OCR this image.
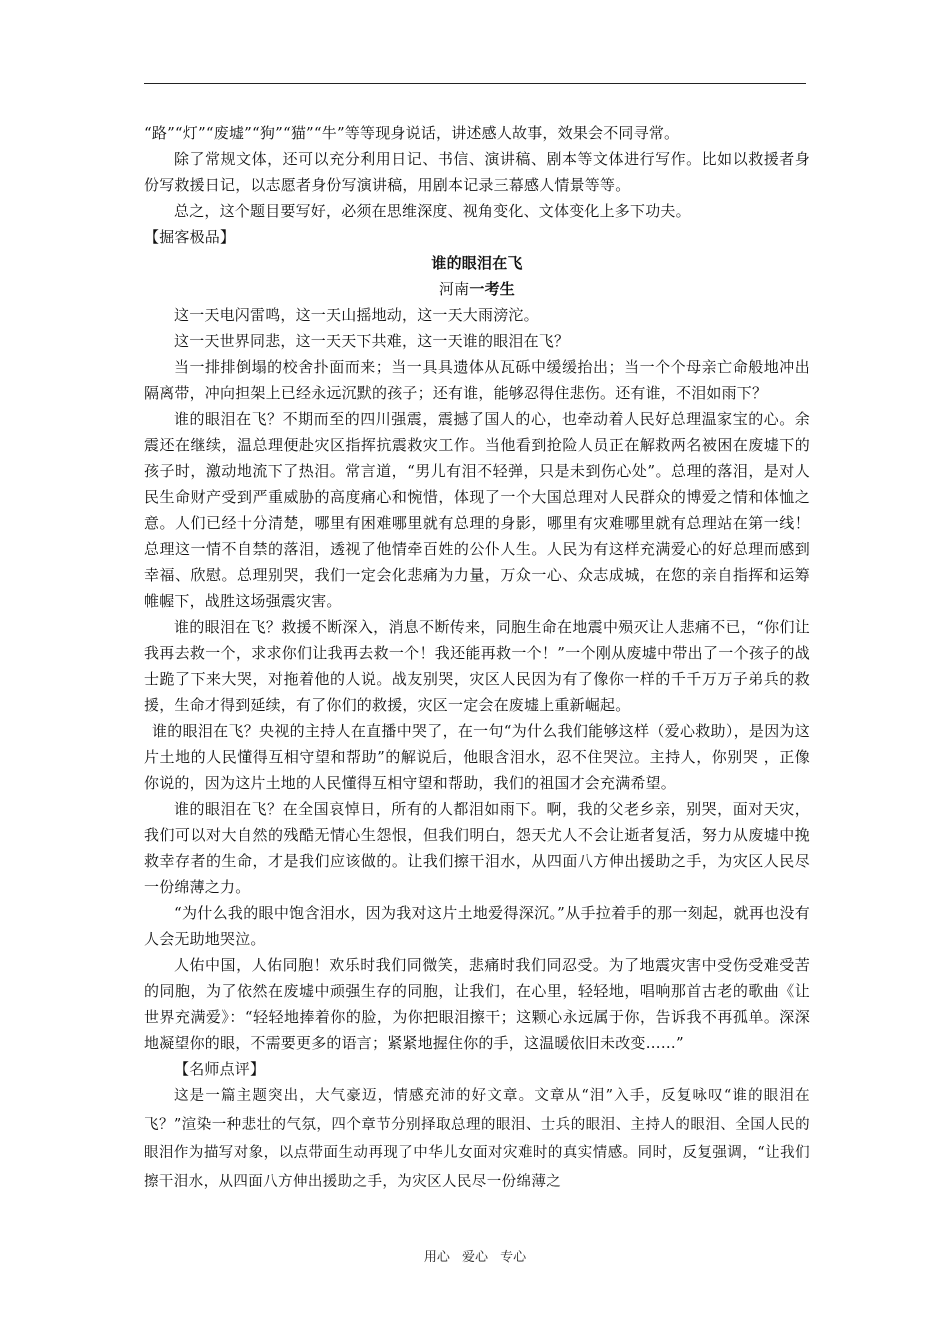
“路”“灯”“废墟”“狗”“猫”“牛”等等现身说话，讲述感人故事，效果会不同寻常。

除了常规文体，还可以充分利用日记、书信、演讲稿、剧本等文体进行写作。比如以救援者身份写救援日记，以志愿者身份写演讲稿，用剧本记录三幕感人情景等等。

总之，这个题目要写好，必须在思维深度、视角变化、文体变化上多下功夫。

【掘客极品】

谁的眼泪在飞

河南一考生

这一天电闪雷鸣，这一天山摇地动，这一天大雨滂沱。

这一天世界同悲，这一天天下共难，这一天谁的眼泪在飞？

当一排排倒塌的校舍扑面而来；当一具具遗体从瓦砾中缓缓抬出；当一个个母亲亡命般地冲出隔离带，冲向担架上已经永远沉默的孩子；还有谁，能够忍得住悲伤。还有谁，不泪如雨下？

谁的眼泪在飞？不期而至的四川强震，震撼了国人的心，也牵动着人民好总理温家宝的心。余震还在继续，温总理便赴灾区指挥抗震救灾工作。当他看到抢险人员正在解救两名被困在废墟下的孩子时，激动地流下了热泪。常言道，“男儿有泪不轻弹，只是未到伤心处”。总理的落泪，是对人民生命财产受到严重威胁的高度痛心和惋惜，体现了一个大国总理对人民群众的博爱之情和体恤之意。人们已经十分清楚，哪里有困难哪里就有总理的身影，哪里有灾难哪里就有总理站在第一线！总理这一情不自禁的落泪，透视了他情牵百姓的公仆人生。人民为有这样充满爱心的好总理而感到幸福、欣慰。总理别哭，我们一定会化悲痛为力量，万众一心、众志成城，在您的亲自指挥和运筹帷幄下，战胜这场强震灾害。

谁的眼泪在飞？救援不断深入，消息不断传来，同胞生命在地震中殒灭让人悲痛不已，“你们让我再去救一个，求求你们让我再去救一个！我还能再救一个！”一个刚从废墟中带出了一个孩子的战士跪了下来大哭，对拖着他的人说。战友别哭，灾区人民因为有了像你一样的千千万万子弟兵的救援，生命才得到延续，有了你们的救援，灾区一定会在废墟上重新崛起。

谁的眼泪在飞？央视的主持人在直播中哭了，在一句“为什么我们能够这样（爱心救助），是因为这片土地的人民懂得互相守望和帮助”的解说后，他眼含泪水，忍不住哭泣。主持人，你别哭 ，正像你说的，因为这片土地的人民懂得互相守望和帮助，我们的祖国才会充满希望。

谁的眼泪在飞？在全国哀悼日，所有的人都泪如雨下。啊，我的父老乡亲，别哭，面对天灾，我们可以对大自然的残酷无情心生怨恨，但我们明白，怨天尤人不会让逝者复活，努力从废墟中挽救幸存者的生命，才是我们应该做的。让我们擦干泪水，从四面八方伸出援助之手，为灾区人民尽一份绵薄之力。

“为什么我的眼中饱含泪水，因为我对这片土地爱得深沉。”从手拉着手的那一刻起，就再也没有人会无助地哭泣。

人佑中国，人佑同胞！欢乐时我们同微笑，悲痛时我们同忍受。为了地震灾害中受伤受难受苦的同胞，为了依然在废墟中顽强生存的同胞，让我们，在心里，轻轻地，唱响那首古老的歌曲《让世界充满爱》：“轻轻地捧着你的脸，为你把眼泪擦干；这颗心永远属于你，告诉我不再孤单。深深地凝望你的眼，不需要更多的语言；紧紧地握住你的手，这温暖依旧未改变……”

【名师点评】

这是一篇主题突出，大气豪迈，情感充沛的好文章。文章从“泪”入手，反复咏叹“谁的眼泪在飞？”渲染一种悲壮的气氛，四个章节分别择取总理的眼泪、士兵的眼泪、主持人的眼泪、全国人民的眼泪作为描写对象，以点带面生动再现了中华儿女面对灾难时的真实情感。同时，反复强调，“让我们擦干泪水，从四面八方伸出援助之手，为灾区人民尽一份绵薄之

用心 爱心 专心
